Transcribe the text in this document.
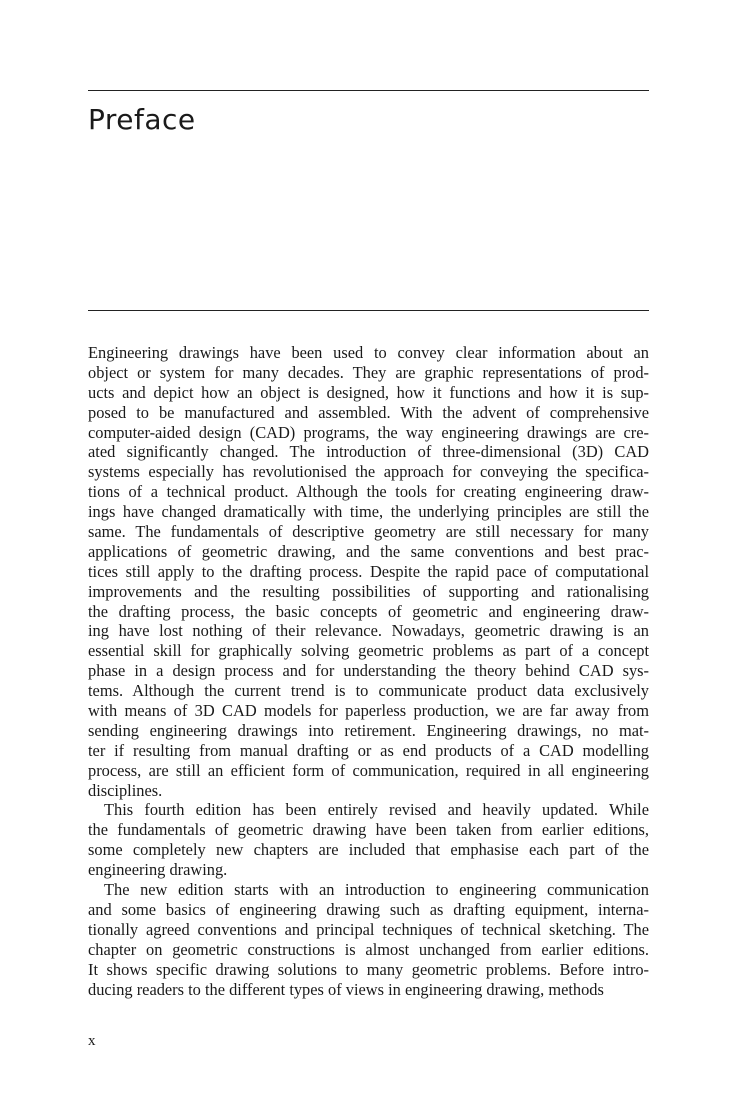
Preface
Engineering drawings have been used to convey clear information about an
object or system for many decades. They are graphic representations of prod-
ucts and depict how an object is designed, how it functions and how it is sup-
posed to be manufactured and assembled. With the advent of comprehensive
computer-aided design (CAD) programs, the way engineering drawings are cre-
ated significantly changed. The introduction of three-dimensional (3D) CAD
systems especially has revolutionised the approach for conveying the specifica-
tions of a technical product. Although the tools for creating engineering draw-
ings have changed dramatically with time, the underlying principles are still the
same. The fundamentals of descriptive geometry are still necessary for many
applications of geometric drawing, and the same conventions and best prac-
tices still apply to the drafting process. Despite the rapid pace of computational
improvements and the resulting possibilities of supporting and rationalising
the drafting process, the basic concepts of geometric and engineering draw-
ing have lost nothing of their relevance. Nowadays, geometric drawing is an
essential skill for graphically solving geometric problems as part of a concept
phase in a design process and for understanding the theory behind CAD sys-
tems. Although the current trend is to communicate product data exclusively
with means of 3D CAD models for paperless production, we are far away from
sending engineering drawings into retirement. Engineering drawings, no mat-
ter if resulting from manual drafting or as end products of a CAD modelling
process, are still an efficient form of communication, required in all engineering
disciplines.
This fourth edition has been entirely revised and heavily updated. While
the fundamentals of geometric drawing have been taken from earlier editions,
some completely new chapters are included that emphasise each part of the
engineering drawing.
The new edition starts with an introduction to engineering communication
and some basics of engineering drawing such as drafting equipment, interna-
tionally agreed conventions and principal techniques of technical sketching. The
chapter on geometric constructions is almost unchanged from earlier editions.
It shows specific drawing solutions to many geometric problems. Before intro-
ducing readers to the different types of views in engineering drawing, methods
x
